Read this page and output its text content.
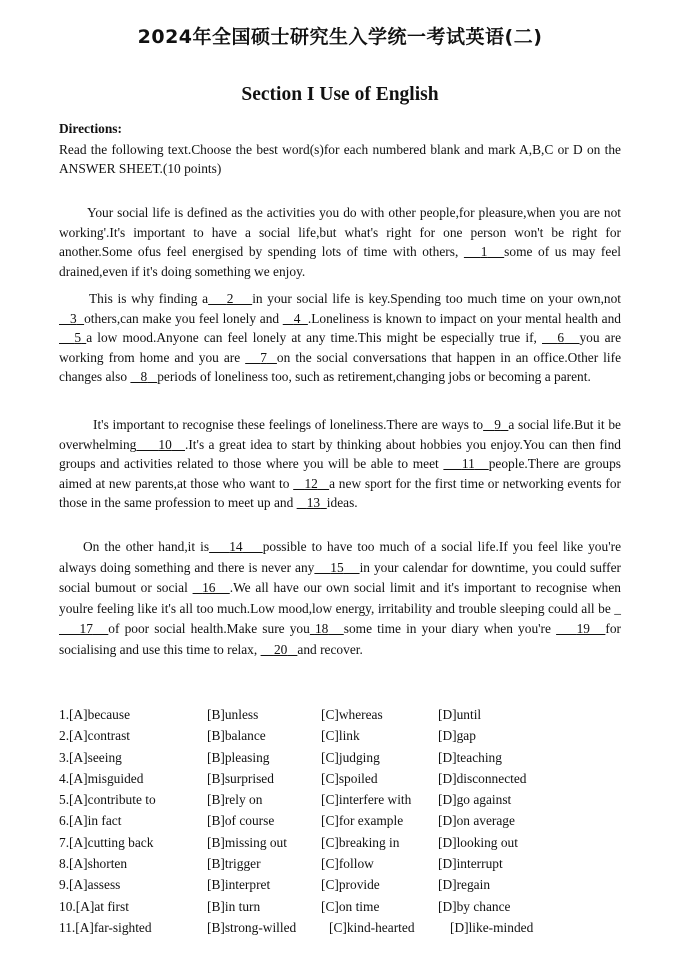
2024年全国硕士研究生入学统一考试英语(二)
Section I Use of English
Directions:
Read the following text.Choose the best word(s)for each numbered blank and mark A,B,C or D on the ANSWER SHEET.(10 points)
Your social life is defined as the activities you do with other people,for pleasure,when you are not working'.It's important to have a social life,but what's right for one person won't be right for another.Some ofus feel energised by spending lots of time with others,    1 some of us may feel drained,even if it's doing something we enjoy.
This is why finding a 2 in your social life is key.Spending too much time on your own,not    3 others,can make you feel lonely and    4 .Loneliness is known to impact on your mental health and    5 a low mood.Anyone can feel lonely at any time.This might be especially true if,    6 you are working from home and you are    7 on the social conversations that happen in an office.Other life changes also    8 periods of loneliness too, such as retirement,changing jobs or becoming a parent.
It's important to recognise these feelings of loneliness.There are ways to 9 a social life.But it be overwhelming 10 .It's a great idea to start by thinking about hobbies you enjoy.You can then find groups and activities related to those where you will be able to meet     11 people.There are groups aimed at new parents,at those who want to    12 a new sport for the first time or networking events for those in the same profession to meet up and    13 ideas.
On the other hand,it is 14 possible to have too much of a social life.If you feel like you're always doing something and there is never any 15 in your calendar for downtime, you could suffer social bumout or social   16 .We all have our own social limit and it's important to recognise when youlre feeling like it's all too much.Low mood,low energy, irritability and trouble sleeping could all be _    17 of poor social health.Make sure you 18 some time in your diary when you're     19 for socialising and use this time to relax,     20 and recover.
1.[A]because	[B]unless	[C]whereas	[D]until
2.[A]contrast	[B]balance	[C]link	[D]gap
3.[A]seeing	[B]pleasing	[C]judging	[D]teaching
4.[A]misguided	[B]surprised	[C]spoiled	[D]disconnected
5.[A]contribute to	[B]rely on	[C]interfere with [D]go against
6.[A]in fact	[B]of course	[C]for example	[D]on average
7.[A]cutting back	[B]missing out	[C]breaking in	[D]looking out
8.[A]shorten	[B]trigger	[C]follow	[D]interrupt
9.[A]assess	[B]interpret	[C]provide	[D]regain
10.[A]at first	[B]in turn	[C]on time	[D]by chance
11.[A]far-sighted	[B]strong-willed [C]kind-hearted	[D]like-minded
